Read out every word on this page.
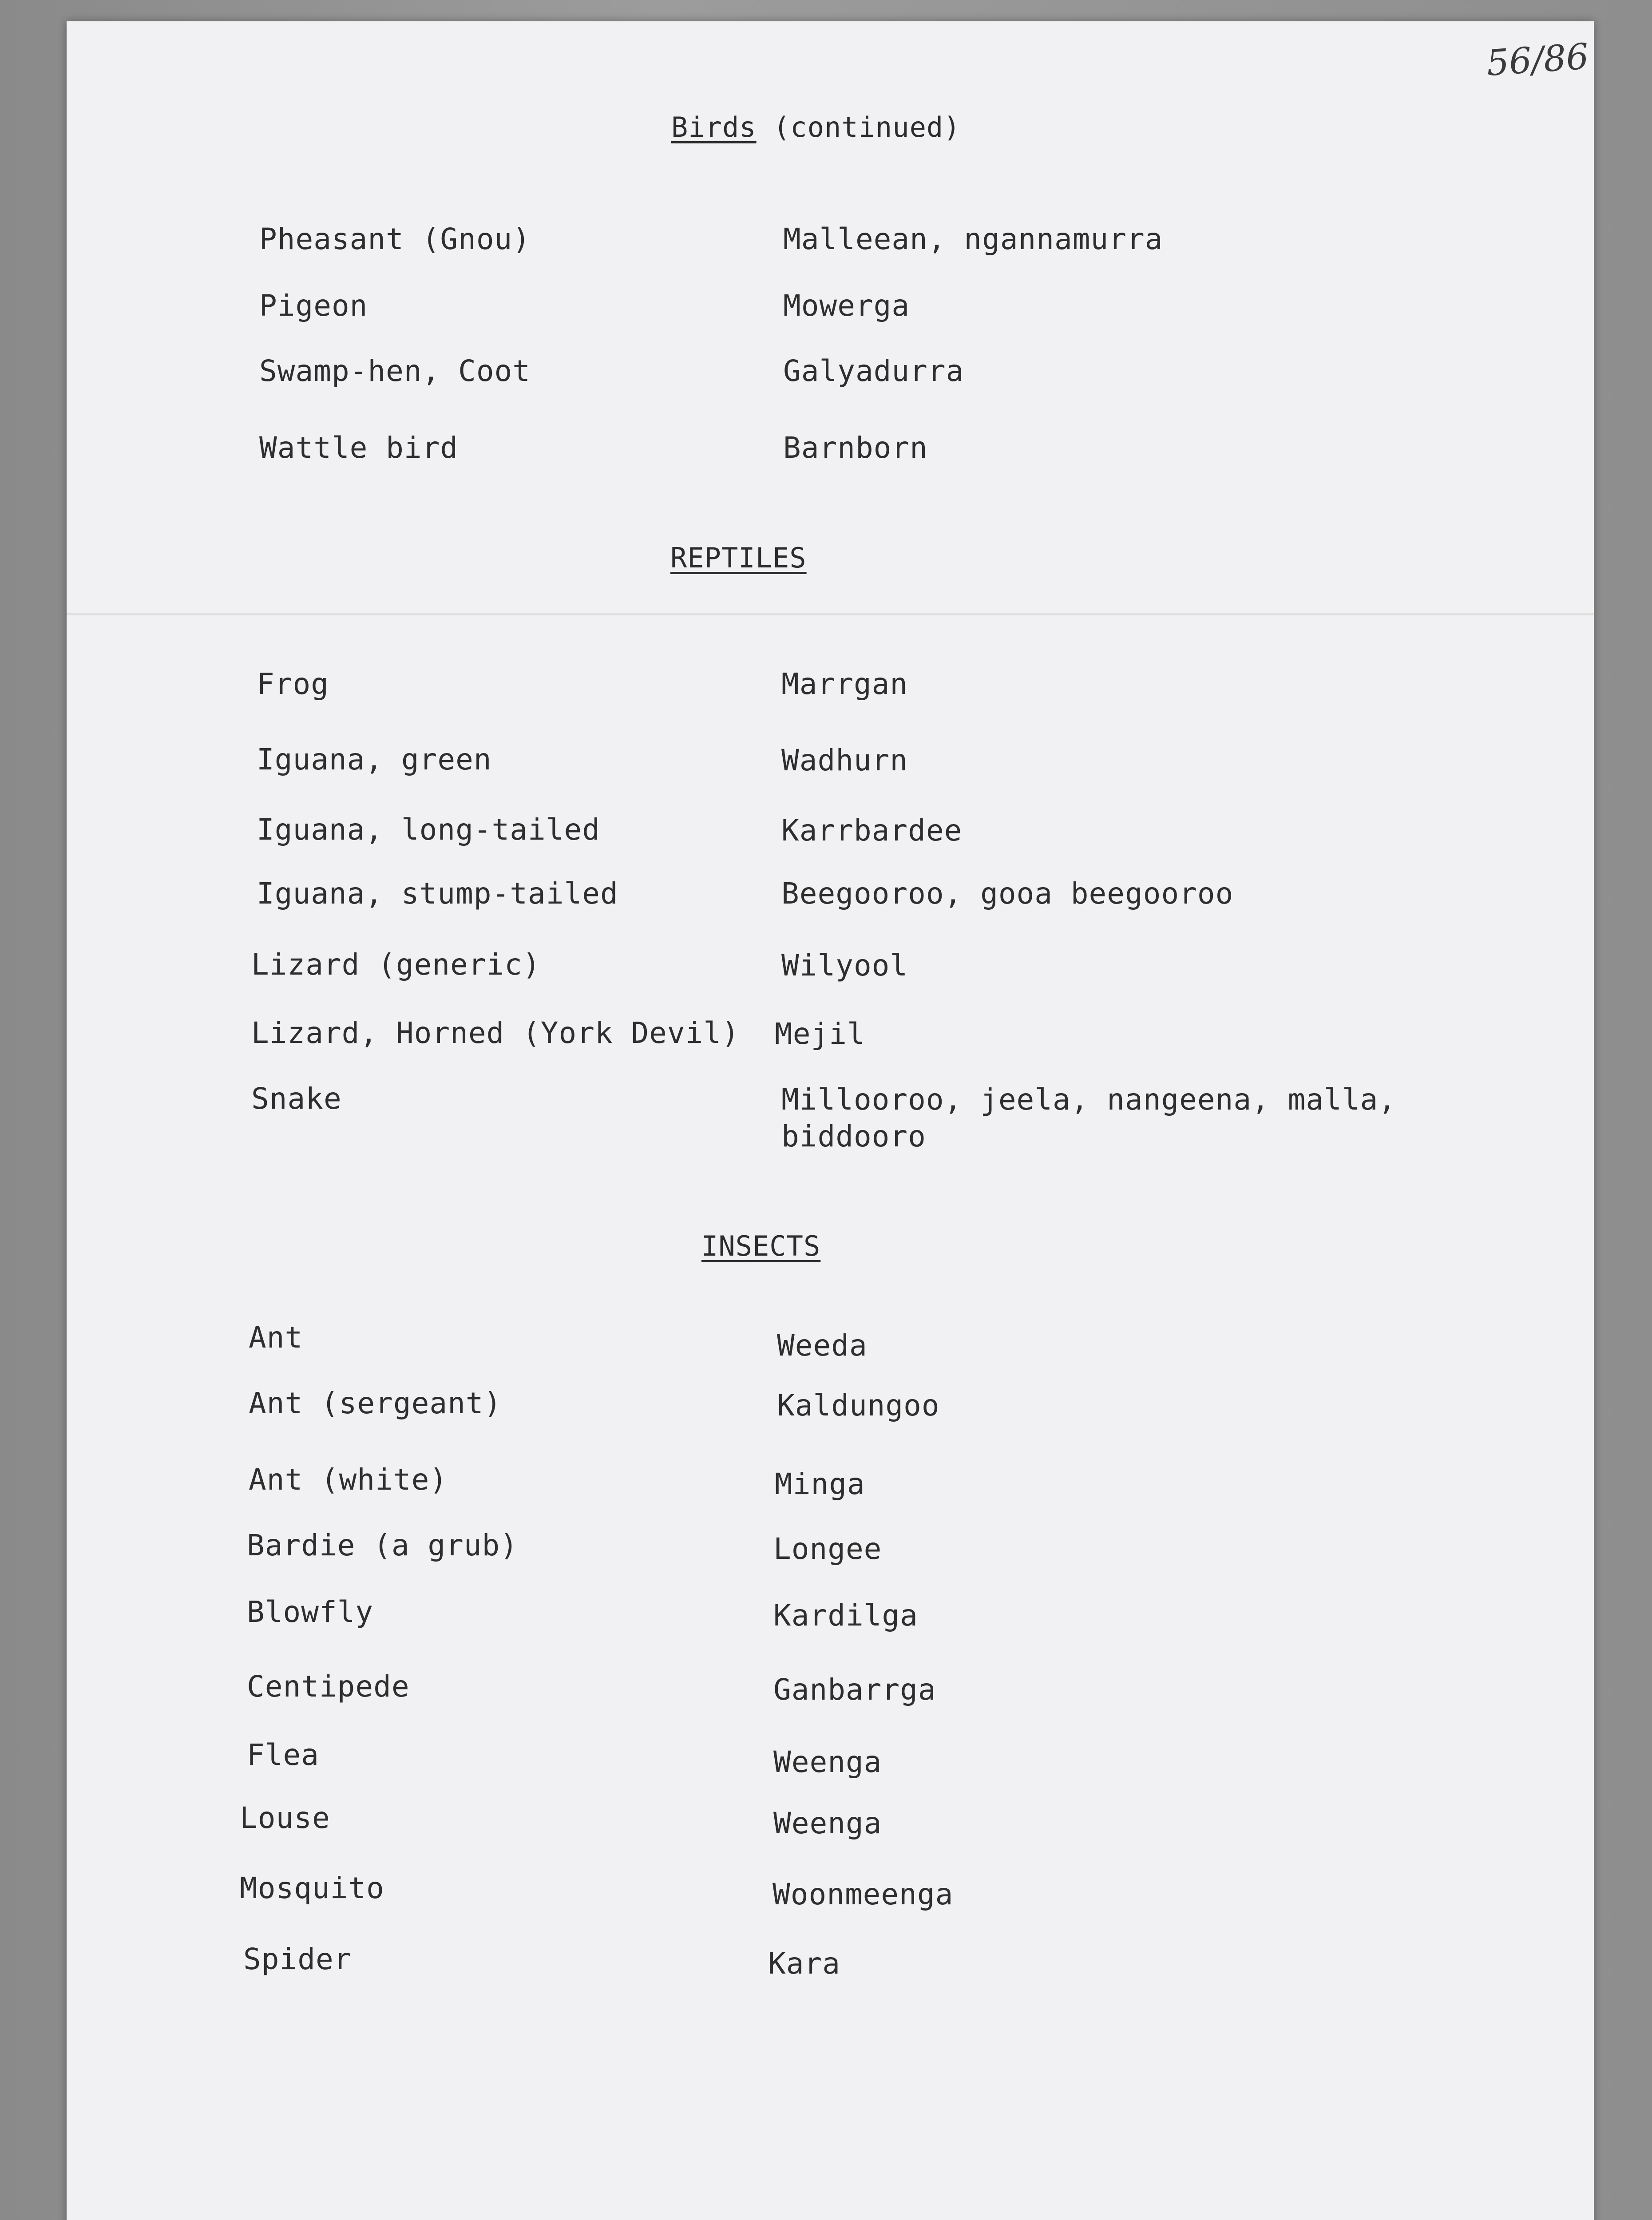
56/86
Birds (continued)
Pheasant (Gnou)	Malleean, ngannamurra
Pigeon	Mowerga
Swamp-hen, Coot	Galyadurra
Wattle bird	Barnborn
REPTILES
Frog	Marrgan
Iguana, green	Wadhurn
Iguana, long-tailed	Karrbardee
Iguana, stump-tailed	Beegooroo, gooa beegooroo
Lizard (generic)	Wilyool
Lizard, Horned (York Devil) Mejil
Snake	Millooroo, jeela, nangeena, malla,
biddooro
INSECTS
Ant	Weeda
Ant (sergeant)	Kaldungoo
Ant (white)	Minga
Bardie (a grub)	Longee
Blowfly	Kardilga
Centipede	Ganbarrga
Flea	Weenga
Louse	Weenga
Mosquito	Woonmeenga
Spider	Kara
